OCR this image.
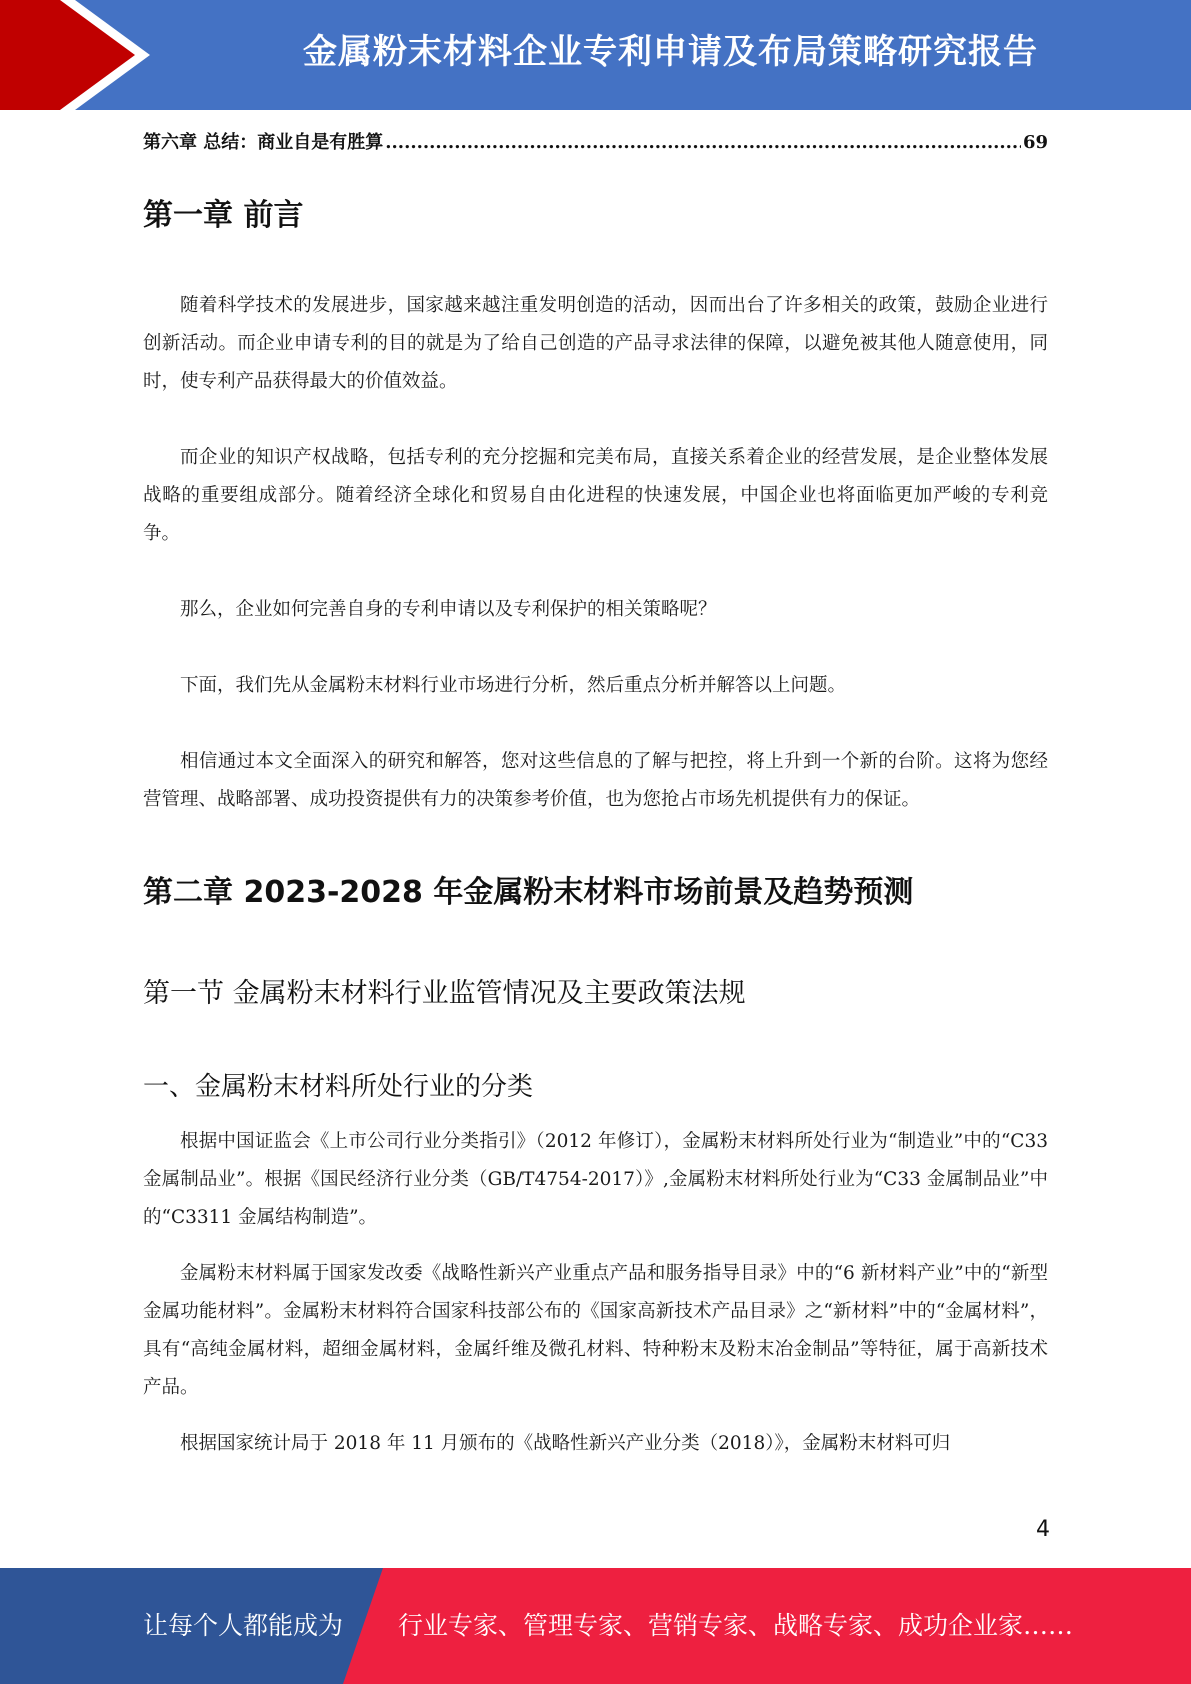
金属粉末材料企业专利申请及布局策略研究报告
第六章 总结：商业自是有胜算
.....	69
第一章 前言

随着科学技术的发展进步，国家越来越注重发明创造的活动，因而出台了许多相关的政策，鼓励企业进行创新活动。而企业申请专利的目的就是为了给自己创造的产品寻求法律的保障，以避免被其他人随意使用，同时，使专利产品获得最大的价值效益。

而企业的知识产权战略，包括专利的充分挖掘和完美布局，直接关系着企业的经营发展，是企业整体发展战略的重要组成部分。随着经济全球化和贸易自由化进程的快速发展，中国企业也将面临更加严峻的专利竞争。

那么，企业如何完善自身的专利申请以及专利保护的相关策略呢？

下面，我们先从金属粉末材料行业市场进行分析，然后重点分析并解答以上问题。

相信通过本文全面深入的研究和解答，您对这些信息的了解与把控，将上升到一个新的台阶。这将为您经营管理、战略部署、成功投资提供有力的决策参考价值，也为您抢占市场先机提供有力的保证。

第二章 2023-2028 年金属粉末材料市场前景及趋势预测
第一节 金属粉末材料行业监管情况及主要政策法规
一、金属粉末材料所处行业的分类

根据中国证监会《上市公司行业分类指引》（2012 年修订），金属粉末材料所处行业为“制造业”中的“C33 金属制品业”。根据《国民经济行业分类（GB/T4754-2017）》,金属粉末材料所处行业为“C33 金属制品业”中的“C3311 金属结构制造”。

金属粉末材料属于国家发改委《战略性新兴产业重点产品和服务指导目录》中的“6 新材料产业”中的“新型金属功能材料”。金属粉末材料符合国家科技部公布的《国家高新技术产品目录》之“新材料”中的“金属材料”，具有“高纯金属材料，超细金属材料，金属纤维及微孔材料、特种粉末及粉末冶金制品”等特征，属于高新技术产品。

根据国家统计局于 2018 年 11 月颁布的《战略性新兴产业分类（2018）》，金属粉末材料可归

4
让每个人都能成为 行业专家、管理专家、营销专家、战略专家、成功企业家……
